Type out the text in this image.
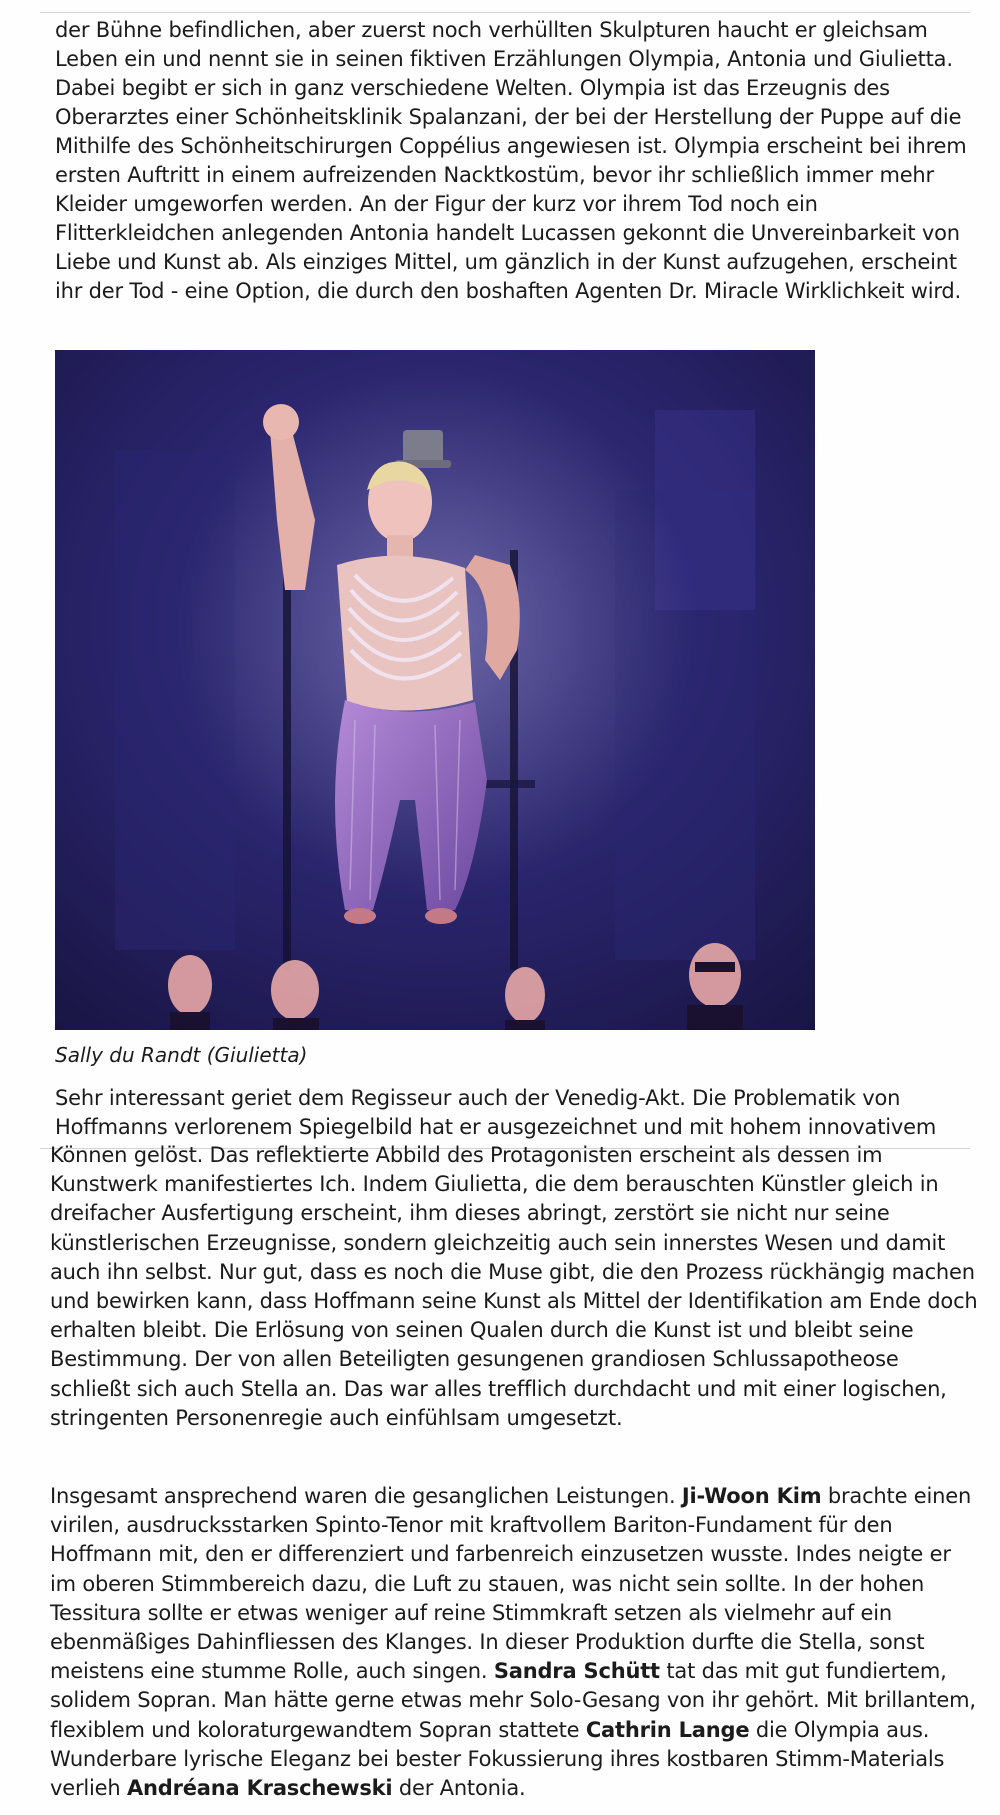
der Bühne befindlichen, aber zuerst noch verhüllten Skulpturen haucht er gleichsam Leben ein und nennt sie in seinen fiktiven Erzählungen Olympia, Antonia und Giulietta. Dabei begibt er sich in ganz verschiedene Welten. Olympia ist das Erzeugnis des Oberarztes einer Schönheitsklinik Spalanzani, der bei der Herstellung der Puppe auf die Mithilfe des Schönheitschirurgen Coppélius angewiesen ist. Olympia erscheint bei ihrem ersten Auftritt in einem aufreizenden Nacktkostüm, bevor ihr schließlich immer mehr Kleider umgeworfen werden. An der Figur der kurz vor ihrem Tod noch ein Flitterkleidchen anlegenden Antonia handelt Lucassen gekonnt die Unvereinbarkeit von Liebe und Kunst ab. Als einziges Mittel, um gänzlich in der Kunst aufzugehen, erscheint ihr der Tod - eine Option, die durch den boshaften Agenten Dr. Miracle Wirklichkeit wird.

Sally du Randt (Giulietta)

Sehr interessant geriet dem Regisseur auch der Venedig-Akt. Die Problematik von Hoffmanns verlorenem Spiegelbild hat er ausgezeichnet und mit hohem innovativem

Können gelöst. Das reflektierte Abbild des Protagonisten erscheint als dessen im Kunstwerk manifestiertes Ich. Indem Giulietta, die dem berauschten Künstler gleich in dreifacher Ausfertigung erscheint, ihm dieses abringt, zerstört sie nicht nur seine künstlerischen Erzeugnisse, sondern gleichzeitig auch sein innerstes Wesen und damit auch ihn selbst. Nur gut, dass es noch die Muse gibt, die den Prozess rückhängig machen und bewirken kann, dass Hoffmann seine Kunst als Mittel der Identifikation am Ende doch erhalten bleibt. Die Erlösung von seinen Qualen durch die Kunst ist und bleibt seine Bestimmung. Der von allen Beteiligten gesungenen grandiosen Schlussapotheose schließt sich auch Stella an. Das war alles trefflich durchdacht und mit einer logischen, stringenten Personenregie auch einfühlsam umgesetzt.

Insgesamt ansprechend waren die gesanglichen Leistungen. Ji-Woon Kim brachte einen virilen, ausdrucksstarken Spinto-Tenor mit kraftvollem Bariton-Fundament für den Hoffmann mit, den er differenziert und farbenreich einzusetzen wusste. Indes neigte er im oberen Stimmbereich dazu, die Luft zu stauen, was nicht sein sollte. In der hohen Tessitura sollte er etwas weniger auf reine Stimmkraft setzen als vielmehr auf ein ebenmäßiges Dahinfliessen des Klanges. In dieser Produktion durfte die Stella, sonst meistens eine stumme Rolle, auch singen. Sandra Schütt tat das mit gut fundiertem, solidem Sopran. Man hätte gerne etwas mehr Solo-Gesang von ihr gehört. Mit brillantem, flexiblem und koloraturgewandtem Sopran stattete Cathrin Lange die Olympia aus. Wunderbare lyrische Eleganz bei bester Fokussierung ihres kostbaren Stimm-Materials verlieh Andréana Kraschewski der Antonia.
